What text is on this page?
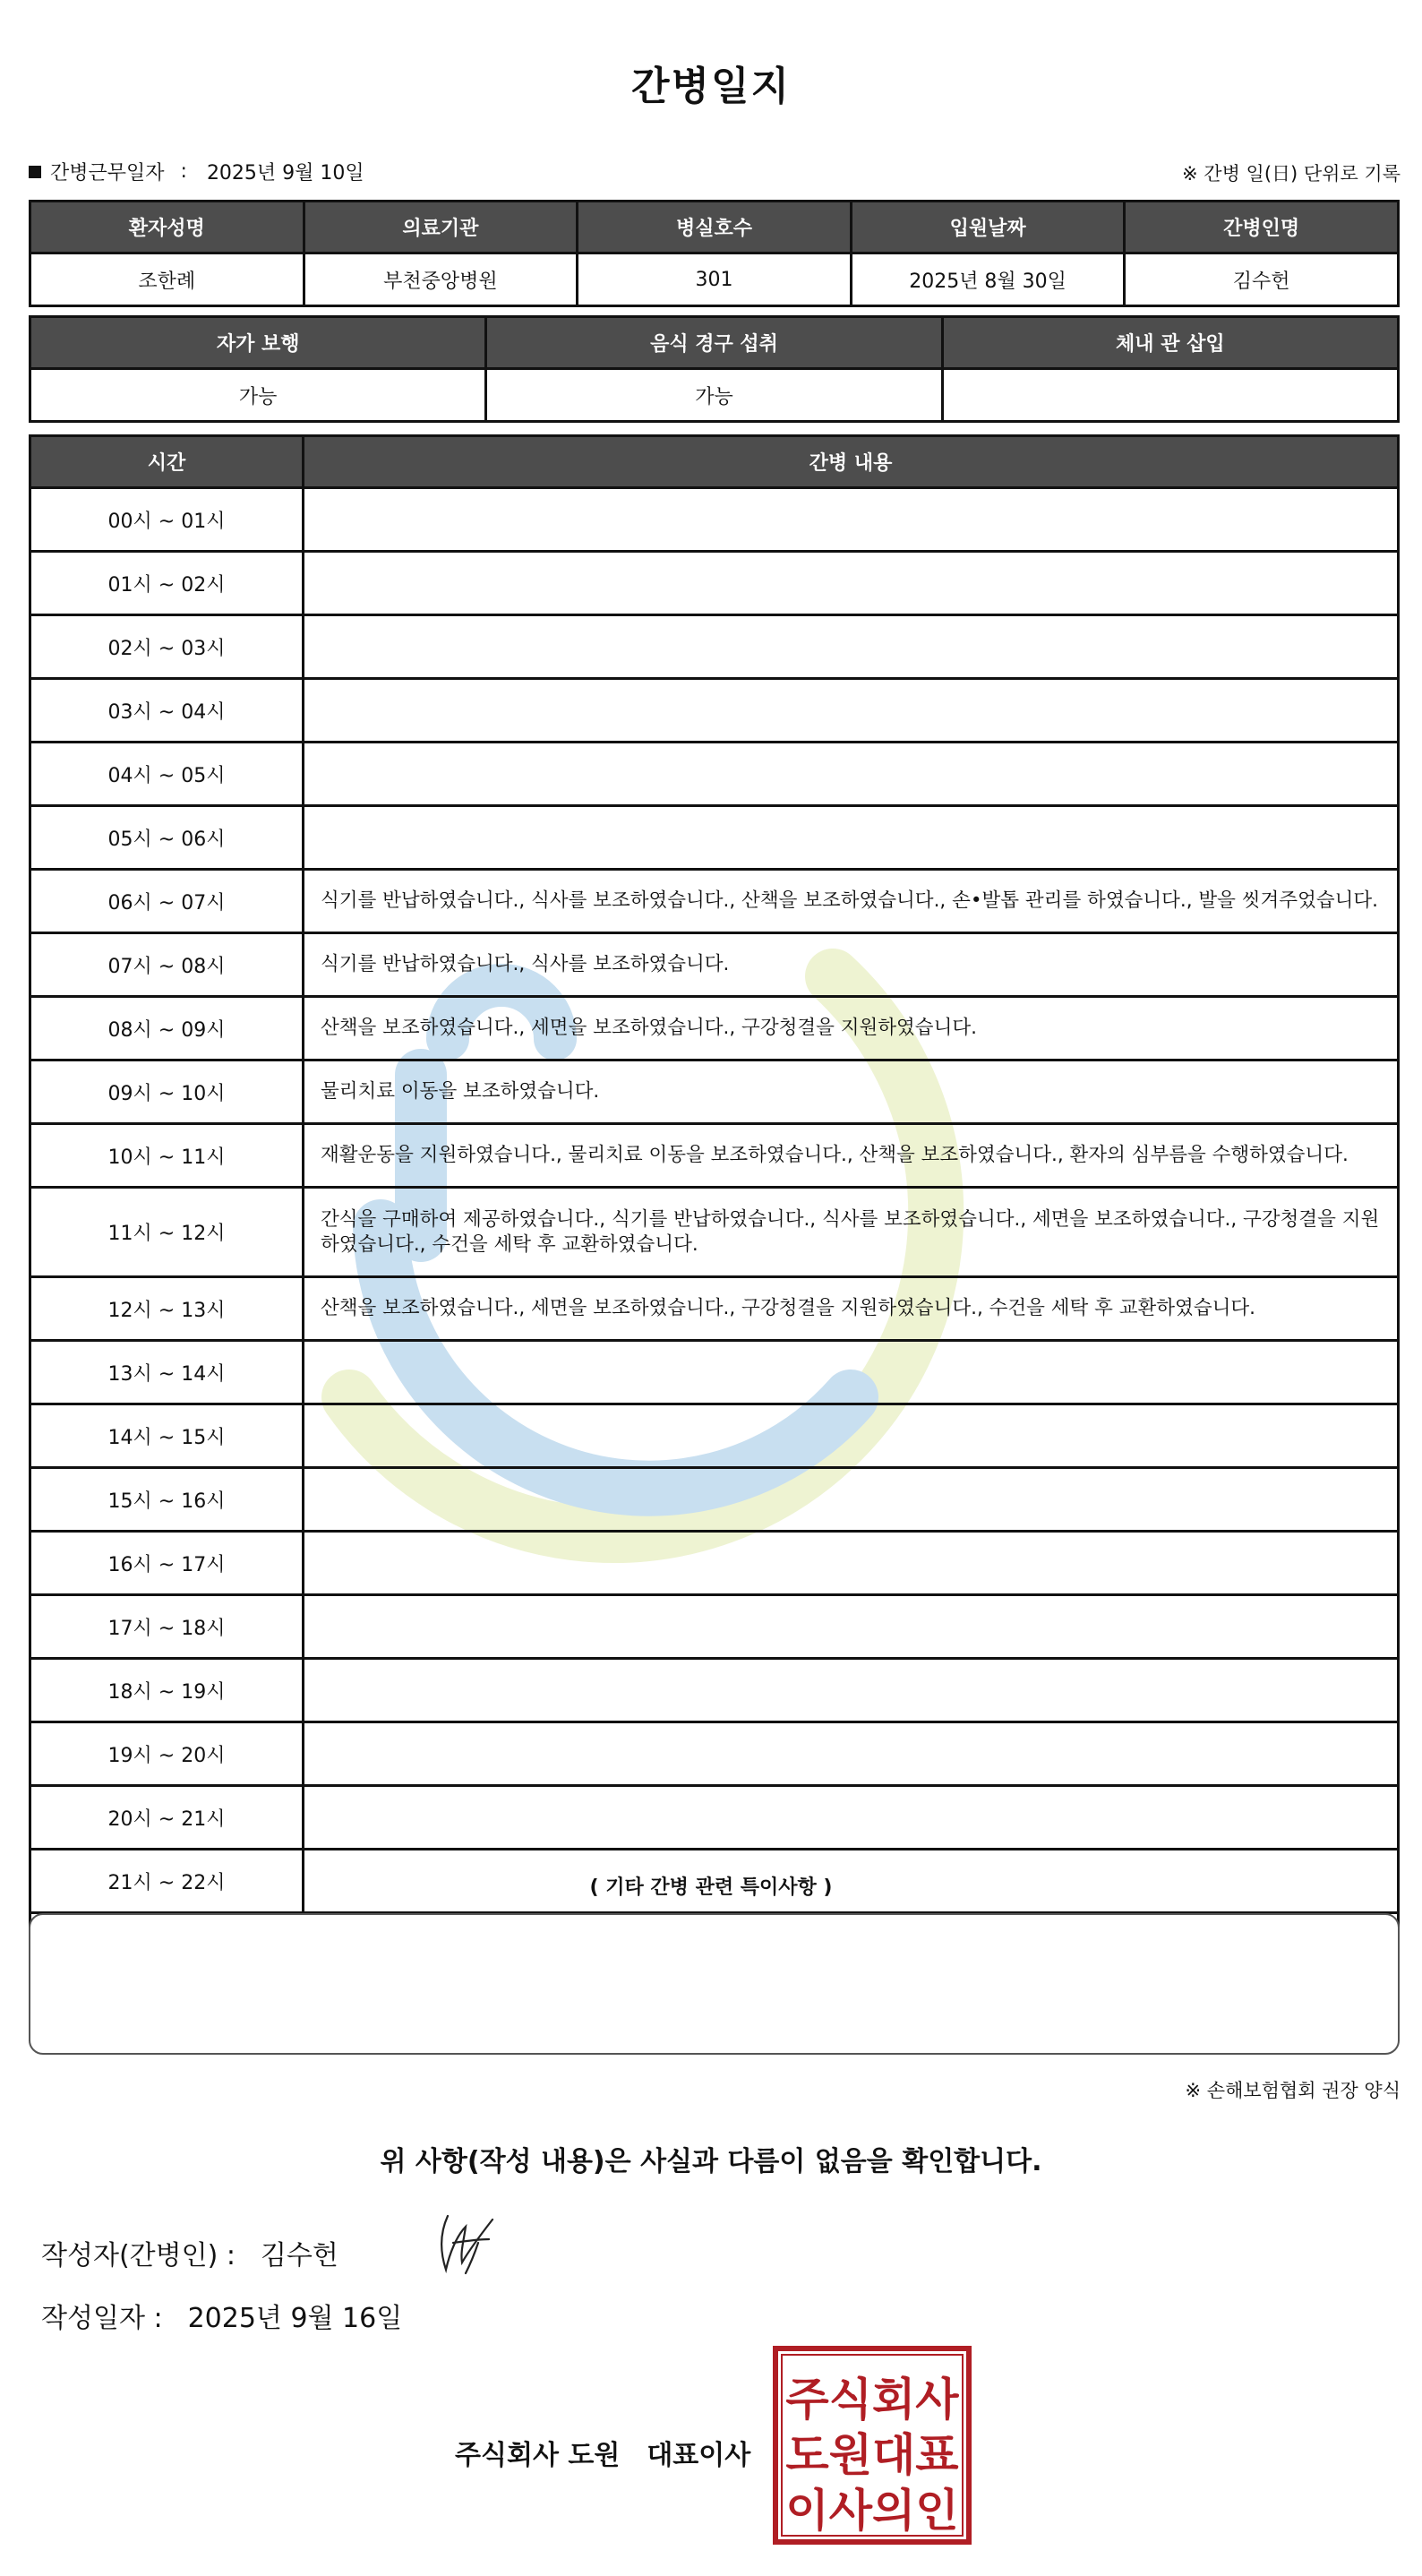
간병일지
간병근무일자 : 2025년 9월 10일	※ 간병 일(日) 단위로 기록
환자성명	의료기관	병실호수	입원날짜	간병인명
조한례	부천중앙병원	301	2025년 8월 30일	김수헌
자가 보행	음식 경구 섭취	체내 관 삽입
가능	가능	
시간	간병 내용
00시 ~ 01시	
01시 ~ 02시	
02시 ~ 03시	
03시 ~ 04시	
04시 ~ 05시	
05시 ~ 06시	
06시 ~ 07시	식기를 반납하였습니다., 식사를 보조하였습니다., 산책을 보조하였습니다., 손•발톱 관리를 하였습니다., 발을 씻겨주었습니다.
07시 ~ 08시	식기를 반납하였습니다., 식사를 보조하였습니다.
08시 ~ 09시	산책을 보조하였습니다., 세면을 보조하였습니다., 구강청결을 지원하였습니다.
09시 ~ 10시	물리치료 이동을 보조하였습니다.
10시 ~ 11시	재활운동을 지원하였습니다., 물리치료 이동을 보조하였습니다., 산책을 보조하였습니다., 환자의 심부름을 수행하였습니다.
11시 ~ 12시	간식을 구매하여 제공하였습니다., 식기를 반납하였습니다., 식사를 보조하였습니다., 세면을 보조하였습니다., 구강청결을 지원하였습니다., 수건을 세탁 후 교환하였습니다.
12시 ~ 13시	산책을 보조하였습니다., 세면을 보조하였습니다., 구강청결을 지원하였습니다., 수건을 세탁 후 교환하였습니다.
13시 ~ 14시	
14시 ~ 15시	
15시 ~ 16시	
16시 ~ 17시	
17시 ~ 18시	
18시 ~ 19시	
19시 ~ 20시	
20시 ~ 21시	
21시 ~ 22시	

		( 기타 간병 관련 특이사항 )
※ 손해보험협회 권장 양식
위 사항(작성 내용)은 사실과 다름이 없음을 확인합니다.
작성자(간병인) : 김수헌
작성일자 : 2025년 9월 16일
주식회사 도원 대표이사
주식회사
도원대표
이사의인
